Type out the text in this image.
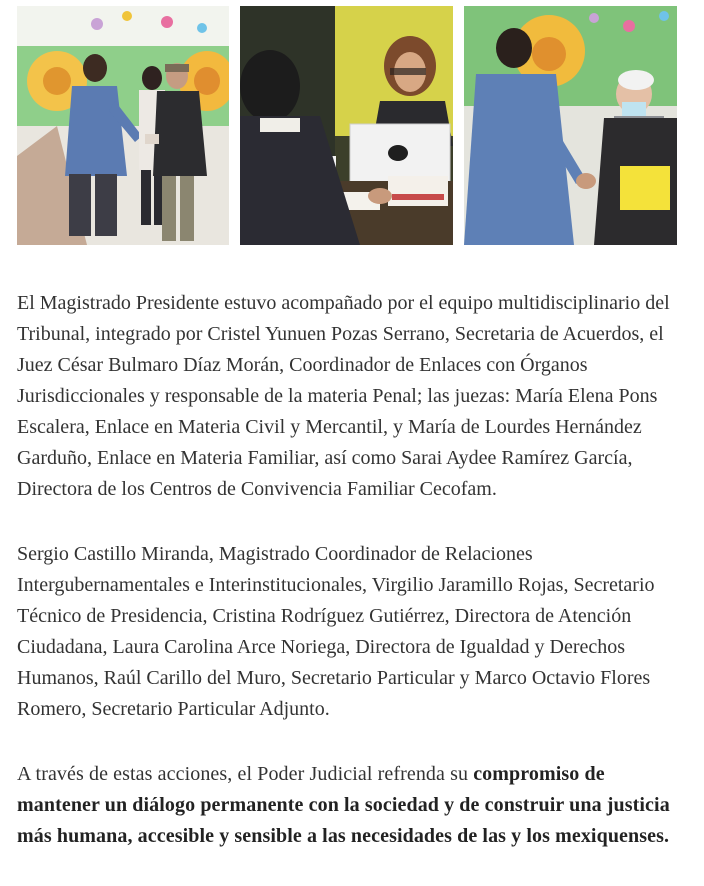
El Magistrado Presidente estuvo acompañado por el equipo multidisciplinario del Tribunal, integrado por Cristel Yunuen Pozas Serrano, Secretaria de Acuerdos, el Juez César Bulmaro Díaz Morán, Coordinador de Enlaces con Órganos Jurisdiccionales y responsable de la materia Penal; las juezas: María Elena Pons Escalera, Enlace en Materia Civil y Mercantil, y María de Lourdes Hernández Garduño, Enlace en Materia Familiar, así como Sarai Aydee Ramírez García, Directora de los Centros de Convivencia Familiar Cecofam.

Sergio Castillo Miranda, Magistrado Coordinador de Relaciones Intergubernamentales e Interinstitucionales, Virgilio Jaramillo Rojas, Secretario Técnico de Presidencia, Cristina Rodríguez Gutiérrez, Directora de Atención Ciudadana, Laura Carolina Arce Noriega, Directora de Igualdad y Derechos Humanos, Raúl Carillo del Muro, Secretario Particular y Marco Octavio Flores Romero, Secretario Particular Adjunto.

A través de estas acciones, el Poder Judicial refrenda su compromiso de mantener un diálogo permanente con la sociedad y de construir una justicia más humana, accesible y sensible a las necesidades de las y los mexiquenses.
